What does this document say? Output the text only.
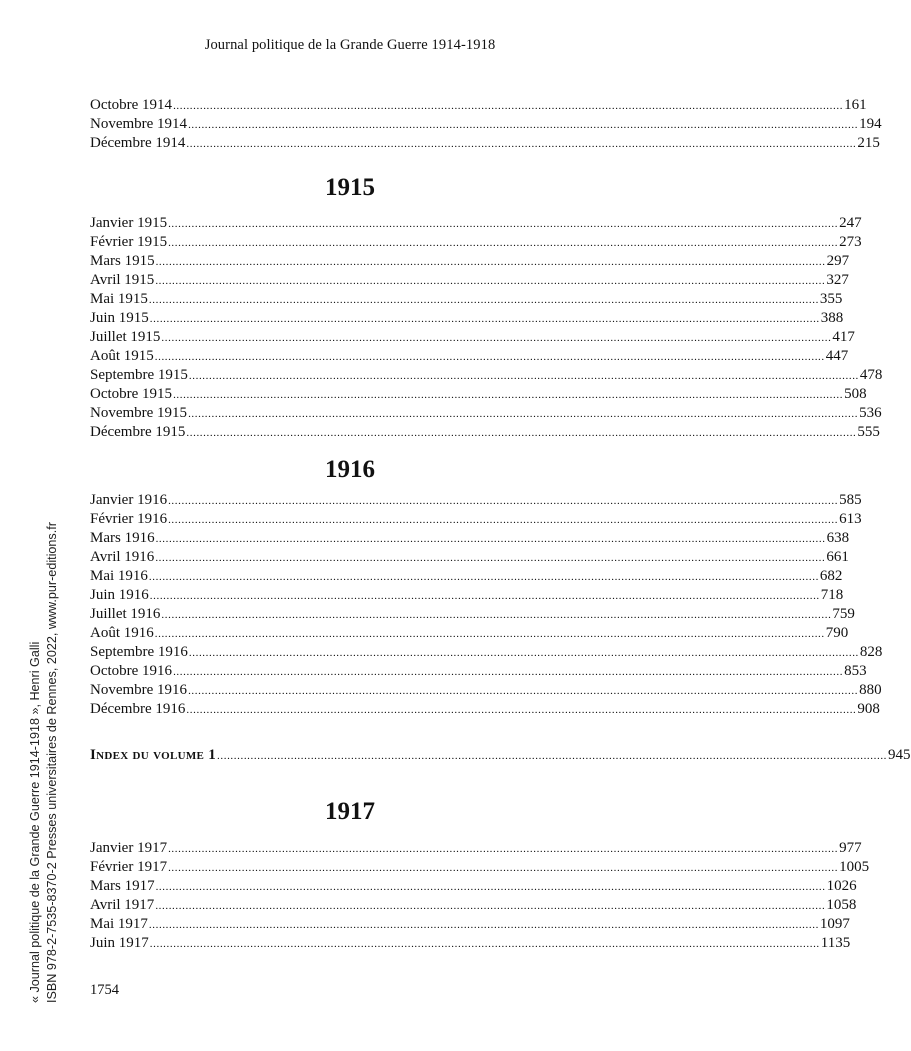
Journal politique de la Grande Guerre 1914-1918
« Journal politique de la Grande Guerre 1914-1918 », Henri Galli ISBN 978-2-7535-8370-2 Presses universitaires de Rennes, 2022, www.pur-editions.fr
Octobre 1914 ........................................................................................................................................................................................................ 161
Novembre 1914 ........................................................................................................................................................................................................ 194
Décembre 1914 ........................................................................................................................................................................................................ 215
1915
Janvier 1915 ........................................................................................................................................................................................................ 247
Février 1915 ........................................................................................................................................................................................................ 273
Mars 1915 ........................................................................................................................................................................................................ 297
Avril 1915 ........................................................................................................................................................................................................ 327
Mai 1915 ........................................................................................................................................................................................................ 355
Juin 1915 ........................................................................................................................................................................................................ 388
Juillet 1915 ........................................................................................................................................................................................................ 417
Août 1915 ........................................................................................................................................................................................................ 447
Septembre 1915 ........................................................................................................................................................................................................ 478
Octobre 1915 ........................................................................................................................................................................................................ 508
Novembre 1915 ........................................................................................................................................................................................................ 536
Décembre 1915 ........................................................................................................................................................................................................ 555
1916
Janvier 1916 ........................................................................................................................................................................................................ 585
Février 1916 ........................................................................................................................................................................................................ 613
Mars 1916 ........................................................................................................................................................................................................ 638
Avril 1916 ........................................................................................................................................................................................................ 661
Mai 1916 ........................................................................................................................................................................................................ 682
Juin 1916 ........................................................................................................................................................................................................ 718
Juillet 1916 ........................................................................................................................................................................................................ 759
Août 1916 ........................................................................................................................................................................................................ 790
Septembre 1916 ........................................................................................................................................................................................................ 828
Octobre 1916 ........................................................................................................................................................................................................ 853
Novembre 1916 ........................................................................................................................................................................................................ 880
Décembre 1916 ........................................................................................................................................................................................................ 908
Index du volume 1 ........................................................................................................................................................................................................ 945
1917
Janvier 1917 ........................................................................................................................................................................................................ 977
Février 1917 ........................................................................................................................................................................................................ 1005
Mars 1917 ........................................................................................................................................................................................................ 1026
Avril 1917 ........................................................................................................................................................................................................ 1058
Mai 1917 ........................................................................................................................................................................................................ 1097
Juin 1917 ........................................................................................................................................................................................................ 1135
1754
